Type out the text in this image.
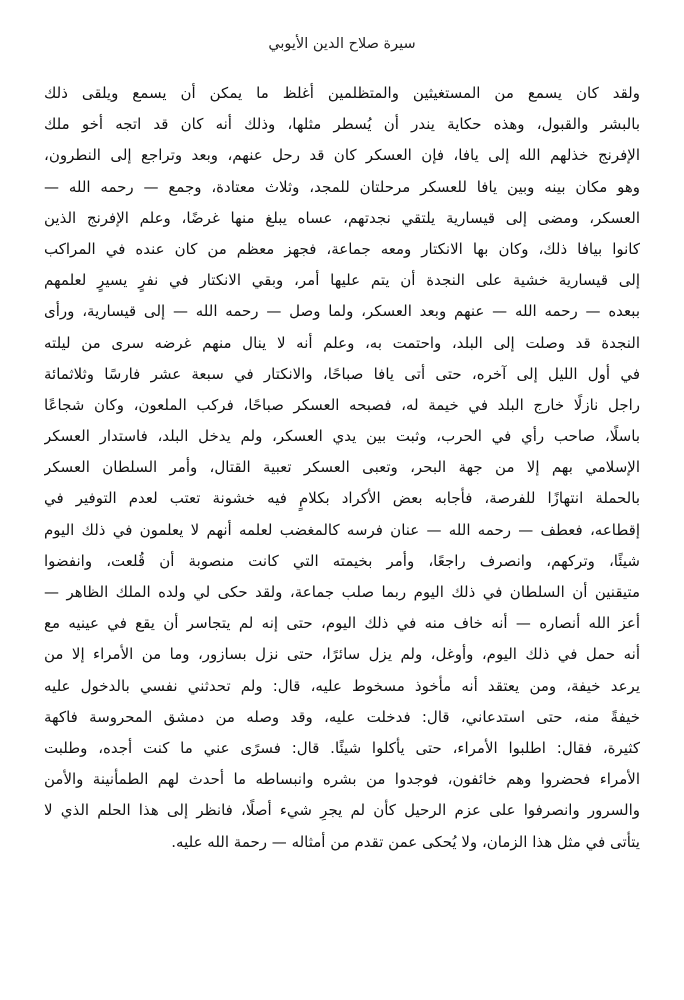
سيرة صلاح الدين الأيوبي
ولقد كان يسمع من المستغيثين والمتظلمين أغلظ ما يمكن أن يسمع ويلقى ذلك
بالبشر والقبول، وهذه حكاية يندر أن يُسطر مثلها، وذلك أنه كان قد اتجه أخو ملك
الإفرنج خذلهم الله إلى يافا، فإن العسكر كان قد رحل عنهم، وبعد وتراجع إلى النطرون،
وهو مكان بينه وبين يافا للعسكر مرحلتان للمجد، وثلاث معتادة، وجمع — رحمه الله —
العسكر، ومضى إلى قيسارية يلتقي نجدتهم، عساه يبلغ منها غرضًا، وعلم الإفرنج الذين
كانوا بيافا ذلك، وكان بها الانكتار ومعه جماعة، فجهز معظم من كان عنده في المراكب
إلى قيسارية خشية على النجدة أن يتم عليها أمر، وبقي الانكتار في نفرٍ يسيرٍ لعلمهم
ببعده — رحمه الله — عنهم وبعد العسكر، ولما وصل — رحمه الله — إلى قيسارية، ورأى
النجدة قد وصلت إلى البلد، واحتمت به، وعلم أنه لا ينال منهم غرضه سرى من ليلته
في أول الليل إلى آخره، حتى أتى يافا صباحًا، والانكتار في سبعة عشر فارسًا وثلاثمائة
راجل نازلًا خارج البلد في خيمة له، فصبحه العسكر صباحًا، فركب الملعون، وكان شجاعًا
باسلًا، صاحب رأي في الحرب، وثبت بين يدي العسكر، ولم يدخل البلد، فاستدار العسكر
الإسلامي بهم إلا من جهة البحر، وتعبى العسكر تعبية القتال، وأمر السلطان العسكر
بالحملة انتهازًا للفرصة، فأجابه بعض الأكراد بكلامٍ فيه خشونة تعتب لعدم التوفير في
إقطاعه، فعطف — رحمه الله — عنان فرسه كالمغضب لعلمه أنهم لا يعلمون في ذلك اليوم
شيئًا، وتركهم، وانصرف راجعًا، وأمر بخيمته التي كانت منصوبة أن قُلعت، وانفضوا
متيقنين أن السلطان في ذلك اليوم ربما صلب جماعة، ولقد حكى لي ولده الملك الظاهر —
أعز الله أنصاره — أنه خاف منه في ذلك اليوم، حتى إنه لم يتجاسر أن يقع في عينيه مع
أنه حمل في ذلك اليوم، وأوغل، ولم يزل سائرًا، حتى نزل بسازور، وما من الأمراء إلا من
يرعد خيفة، ومن يعتقد أنه مأخوذ مسخوط عليه، قال: ولم تحدثني نفسي بالدخول عليه
خيفةً منه، حتى استدعاني، قال: فدخلت عليه، وقد وصله من دمشق المحروسة فاكهة
كثيرة، فقال: اطلبوا الأمراء، حتى يأكلوا شيئًا. قال: فسرًى عني ما كنت أجده، وطلبت
الأمراء فحضروا وهم خائفون، فوجدوا من بشره وانبساطه ما أحدث لهم الطمأنينة والأمن
والسرور وانصرفوا على عزم الرحيل كأن لم يجرِ شيء أصلًا، فانظر إلى هذا الحلم الذي لا
يتأتى في مثل هذا الزمان، ولا يُحكى عمن تقدم من أمثاله — رحمة الله عليه.
